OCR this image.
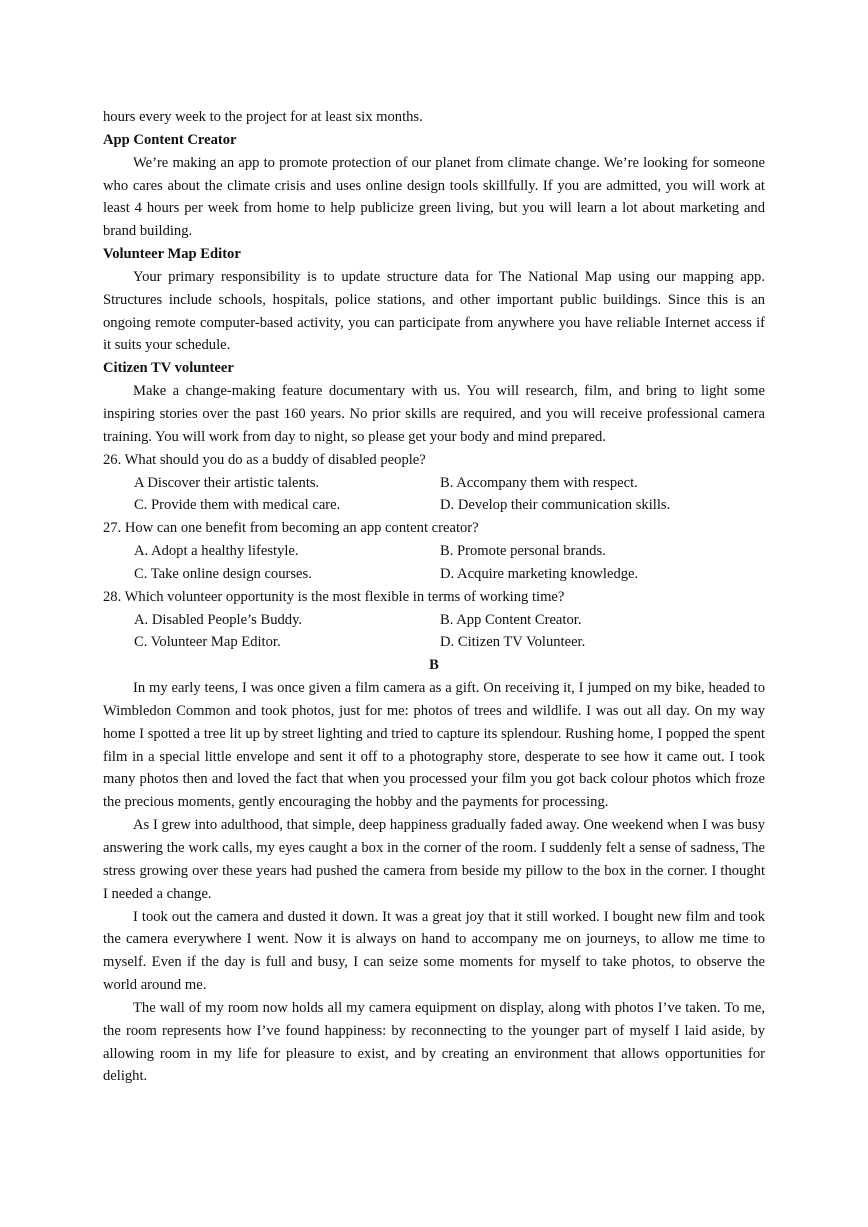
hours every week to the project for at least six months.

App Content Creator

We’re making an app to promote protection of our planet from climate change. We’re looking for someone who cares about the climate crisis and uses online design tools skillfully. If you are admitted, you will work at least 4 hours per week from home to help publicize green living, but you will learn a lot about marketing and brand building.

Volunteer Map Editor

Your primary responsibility is to update structure data for The National Map using our mapping app. Structures include schools, hospitals, police stations, and other important public buildings. Since this is an ongoing remote computer-based activity, you can participate from anywhere you have reliable Internet access if it suits your schedule.

Citizen TV volunteer

Make a change-making feature documentary with us. You will research, film, and bring to light some inspiring stories over the past 160 years. No prior skills are required, and you will receive professional camera training. You will work from day to night, so please get your body and mind prepared.

26. What should you do as a buddy of disabled people?

A Discover their artistic talents.	B. Accompany them with respect.
C. Provide them with medical care.	D. Develop their communication skills.

27. How can one benefit from becoming an app content creator?

A. Adopt a healthy lifestyle.	B. Promote personal brands.
C. Take online design courses.	D. Acquire marketing knowledge.

28. Which volunteer opportunity is the most flexible in terms of working time?

A. Disabled People’s Buddy.	B. App Content Creator.
C. Volunteer Map Editor.	D. Citizen TV Volunteer.

B

In my early teens, I was once given a film camera as a gift. On receiving it, I jumped on my bike, headed to Wimbledon Common and took photos, just for me: photos of trees and wildlife. I was out all day. On my way home I spotted a tree lit up by street lighting and tried to capture its splendour. Rushing home, I popped the spent film in a special little envelope and sent it off to a photography store, desperate to see how it came out. I took many photos then and loved the fact that when you processed your film you got back colour photos which froze the precious moments, gently encouraging the hobby and the payments for processing.

As I grew into adulthood, that simple, deep happiness gradually faded away. One weekend when I was busy answering the work calls, my eyes caught a box in the corner of the room. I suddenly felt a sense of sadness, The stress growing over these years had pushed the camera from beside my pillow to the box in the corner. I thought I needed a change.

I took out the camera and dusted it down. It was a great joy that it still worked. I bought new film and took the camera everywhere I went. Now it is always on hand to accompany me on journeys, to allow me time to myself. Even if the day is full and busy, I can seize some moments for myself to take photos, to observe the world around me.

The wall of my room now holds all my camera equipment on display, along with photos I’ve taken. To me, the room represents how I’ve found happiness: by reconnecting to the younger part of myself I laid aside, by allowing room in my life for pleasure to exist, and by creating an environment that allows opportunities for delight.
